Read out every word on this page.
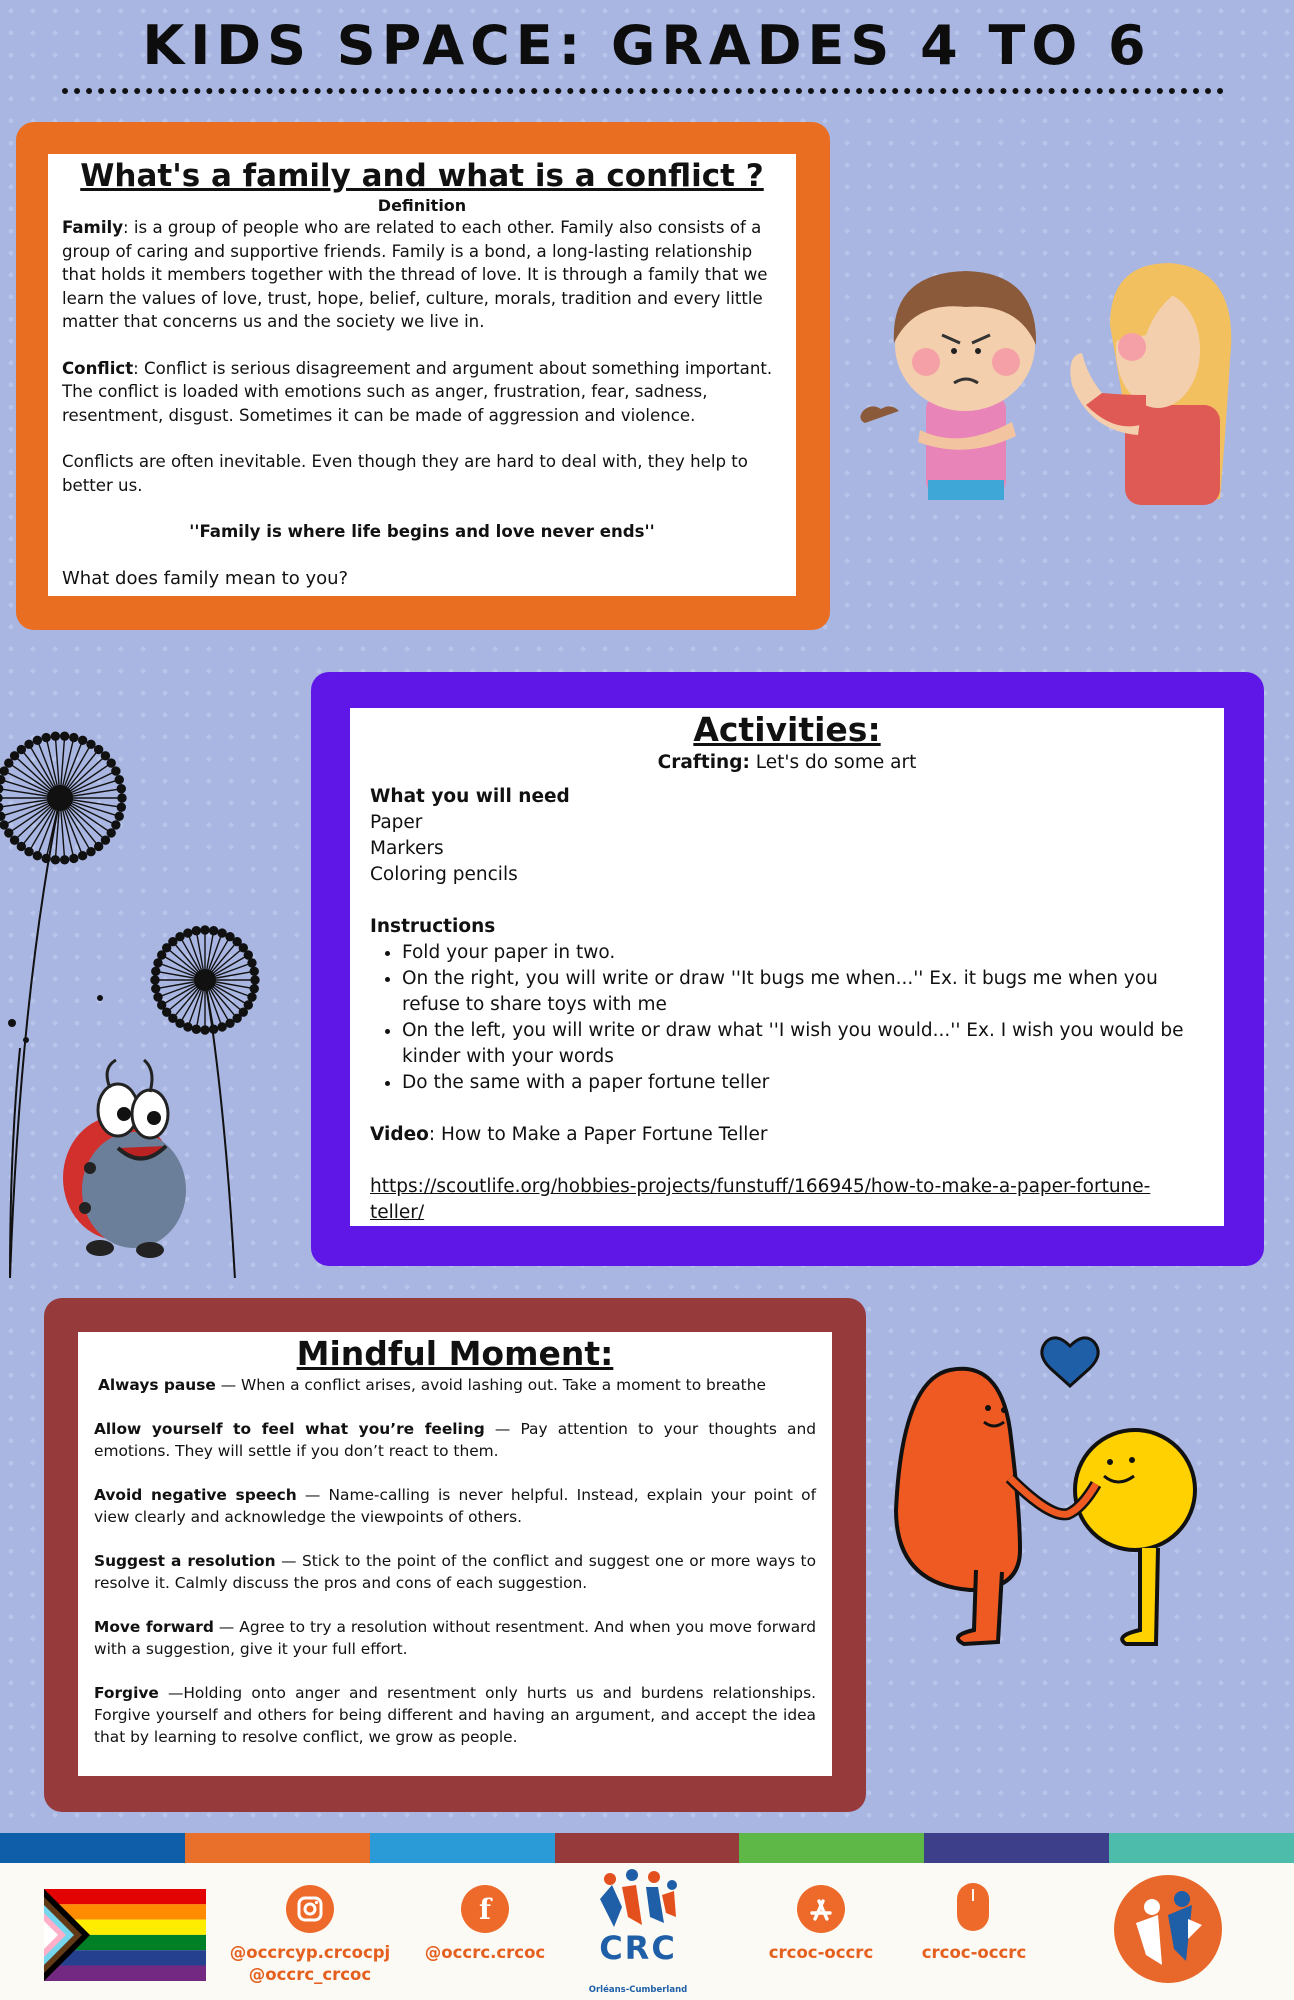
KIDS SPACE: GRADES 4 TO 6
What's a family and what is a conflict ?
Definition

Family: is a group of people who are related to each other. Family also consists of a group of caring and supportive friends. Family is a bond, a long-lasting relationship that holds it members together with the thread of love. It is through a family that we learn the values of love, trust, hope, belief, culture, morals, tradition and every little matter that concerns us and the society we live in.

Conflict: Conflict is serious disagreement and argument about something important. The conflict is loaded with emotions such as anger, frustration, fear, sadness, resentment, disgust. Sometimes it can be made of aggression and violence.

Conflicts are often inevitable. Even though they are hard to deal with, they help to better us.

''Family is where life begins and love never ends''

What does family mean to you?
Activities:
Crafting: Let's do some art
What you will need
Paper
Markers
Coloring pencils
Instructions
• Fold your paper in two.
• On the right, you will write or draw ''It bugs me when...'' Ex. it bugs me when you refuse to share toys with me
• On the left, you will write or draw what ''I wish you would...'' Ex. I wish you would be kinder with your words
• Do the same with a paper fortune teller
Video: How to Make a Paper Fortune Teller
https://scoutlife.org/hobbies-projects/funstuff/166945/how-to-make-a-paper-fortune-teller/
Mindful Moment:

Always pause — When a conflict arises, avoid lashing out. Take a moment to breathe

Allow yourself to feel what you’re feeling — Pay attention to your thoughts and emotions. They will settle if you don’t react to them.

Avoid negative speech — Name-calling is never helpful. Instead, explain your point of view clearly and acknowledge the viewpoints of others.

Suggest a resolution — Stick to the point of the conflict and suggest one or more ways to resolve it. Calmly discuss the pros and cons of each suggestion.

Move forward — Agree to try a resolution without resentment. And when you move forward with a suggestion, give it your full effort.

Forgive —Holding onto anger and resentment only hurts us and burdens relationships. Forgive yourself and others for being different and having an argument, and accept the idea that by learning to resolve conflict, we grow as people.

@occrcyp.crcocpj
@occrc_crcoc
f
@occrc.crcoc	CRC
Orléans-Cumberland
crcoc-occrc	crcoc-occrc
